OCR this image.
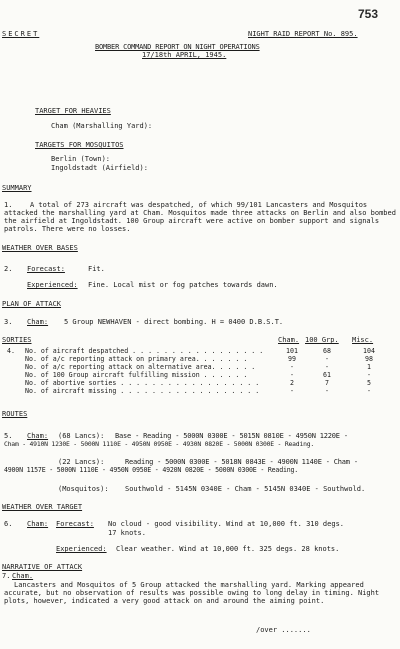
753
SECRET	NIGHT RAID REPORT No. 895.
BOMBER COMMAND REPORT ON NIGHT OPERATIONS
17/18th APRIL, 1945.
TARGET FOR HEAVIES
Cham (Marshalling Yard):
TARGETS FOR MOSQUITOS
Berlin (Town):
Ingoldstadt (Airfield):
SUMMARY
1.	A total of 273 aircraft was despatched, of which 99/101 Lancasters and Mosquitos attacked the marshalling yard at Cham. Mosquitos made three attacks on Berlin and also bombed the airfield at Ingoldstadt. 100 Group aircraft were active on bomber support and signals patrols. There were no losses.
WEATHER OVER BASES
2. Forecast:	Fit.
Experienced: Fine. Local mist or fog patches towards dawn.
PLAN OF ATTACK
3. Cham: 5 Group NEWHAVEN - direct bombing. H = 0400 D.B.S.T.
SORTIES	Cham. 100 Grp. Misc.
4.	No. of aircraft despatched . . . . . . . . . . . . . . . . .	101	68	104
	No. of a/c reporting attack on primary area. . . . . . .	99	-	98
	No. of a/c reporting attack on alternative area. . . . . .	-	-	1
	No. of 100 Group aircraft fulfilling mission . . . . . .	-	61	-
	No. of abortive sorties . . . . . . . . . . . . . . . . . .	2	7	5
	No. of aircraft missing . . . . . . . . . . . . . . . . . .	-	-	-
ROUTES
5. Cham: (68 Lancs): Base - Reading - 5000N 0300E - 5015N 0810E - 4950N 1220E -
Cham - 4910N 1230E - 5000N 1110E - 4950N 0950E - 4930N 0820E - 5000N 0300E - Reading.
(22 Lancs):	Reading - 5000N 0300E - 5018N 0843E - 4900N 1140E - Cham -
4900N 1157E - 5000N 1110E - 4950N 0950E - 4920N 0820E - 5000N 0300E - Reading.
(Mosquitos): Southwold - 5145N 0340E - Cham - 5145N 0340E - Southwold.
WEATHER OVER TARGET
6. Cham: Forecast: No cloud - good visibility. Wind at 10,000 ft. 310 degs.
17 knots.
Experienced: Clear weather. Wind at 10,000 ft. 325 degs. 28 knots.
NARRATIVE OF ATTACK
7. Cham.
Lancasters and Mosquitos of 5 Group attacked the marshalling yard. Marking appeared accurate, but no observation of results was possible owing to long delay in timing. Night plots, however, indicated a very good attack on and around the aiming point.
/over .......
